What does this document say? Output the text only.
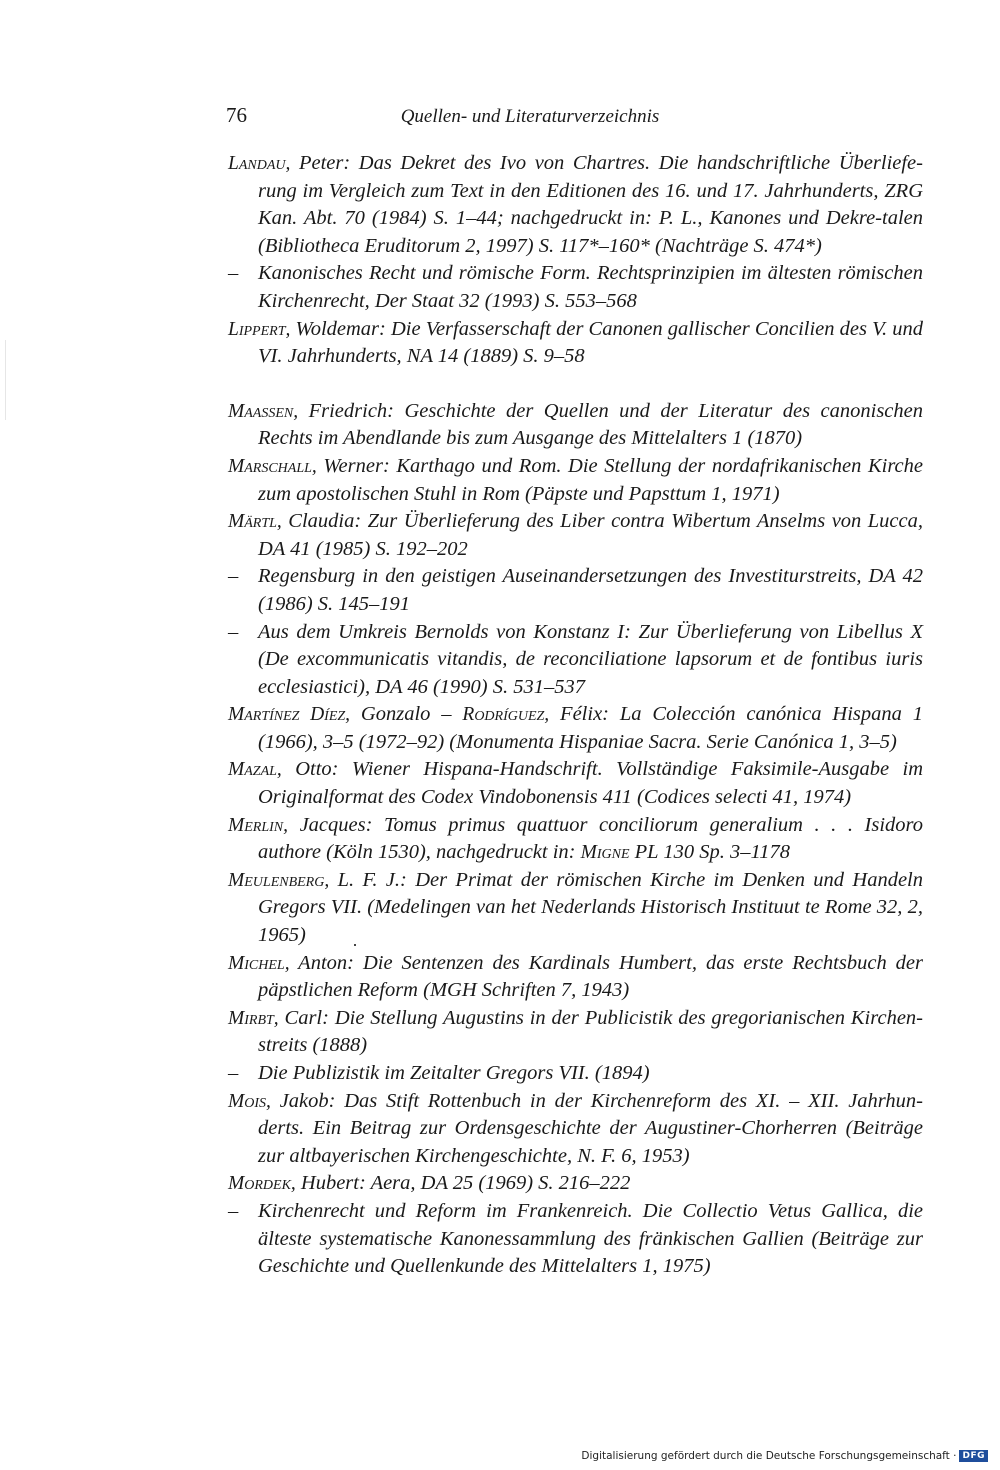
76	Quellen- und Literaturverzeichnis
Landau, Peter: Das Dekret des Ivo von Chartres. Die handschriftliche Überliefe-rung im Vergleich zum Text in den Editionen des 16. und 17. Jahrhunderts, ZRG Kan. Abt. 70 (1984) S. 1–44; nachgedruckt in: P. L., Kanones und Dekre-talen (Bibliotheca Eruditorum 2, 1997) S. 117*–160* (Nachträge S. 474*)
– Kanonisches Recht und römische Form. Rechtsprinzipien im ältesten römischen Kirchenrecht, Der Staat 32 (1993) S. 553–568
Lippert, Woldemar: Die Verfasserschaft der Canonen gallischer Concilien des V. und VI. Jahrhunderts, NA 14 (1889) S. 9–58
Maassen, Friedrich: Geschichte der Quellen und der Literatur des canonischen Rechts im Abendlande bis zum Ausgange des Mittelalters 1 (1870)
Marschall, Werner: Karthago und Rom. Die Stellung der nordafrikanischen Kirche zum apostolischen Stuhl in Rom (Päpste und Papsttum 1, 1971)
Märtl, Claudia: Zur Überlieferung des Liber contra Wibertum Anselms von Lucca, DA 41 (1985) S. 192–202
– Regensburg in den geistigen Auseinandersetzungen des Investiturstreits, DA 42 (1986) S. 145–191
– Aus dem Umkreis Bernolds von Konstanz I: Zur Überlieferung von Libellus X (De excommunicatis vitandis, de reconciliatione lapsorum et de fontibus iuris ecclesiastici), DA 46 (1990) S. 531–537
Martínez Díez, Gonzalo – Rodríguez, Félix: La Colección canónica Hispana 1 (1966), 3–5 (1972–92) (Monumenta Hispaniae Sacra. Serie Canónica 1, 3–5)
Mazal, Otto: Wiener Hispana-Handschrift. Vollständige Faksimile-Ausgabe im Originalformat des Codex Vindobonensis 411 (Codices selecti 41, 1974)
Merlin, Jacques: Tomus primus quattuor conciliorum generalium . . . Isidoro authore (Köln 1530), nachgedruckt in: Migne PL 130 Sp. 3–1178
Meulenberg, L. F. J.: Der Primat der römischen Kirche im Denken und Handeln Gregors VII. (Medelingen van het Nederlands Historisch Instituut te Rome 32, 2, 1965)
Michel, Anton: Die Sentenzen des Kardinals Humbert, das erste Rechtsbuch der päpstlichen Reform (MGH Schriften 7, 1943)
Mirbt, Carl: Die Stellung Augustins in der Publicistik des gregorianischen Kirchen-streits (1888)
– Die Publizistik im Zeitalter Gregors VII. (1894)
Mois, Jakob: Das Stift Rottenbuch in der Kirchenreform des XI. – XII. Jahrhun-derts. Ein Beitrag zur Ordensgeschichte der Augustiner-Chorherren (Beiträge zur altbayerischen Kirchengeschichte, N. F. 6, 1953)
Mordek, Hubert: Aera, DA 25 (1969) S. 216–222
– Kirchenrecht und Reform im Frankenreich. Die Collectio Vetus Gallica, die älteste systematische Kanonessammlung des fränkischen Gallien (Beiträge zur Geschichte und Quellenkunde des Mittelalters 1, 1975)
Digitalisierung gefördert durch die Deutsche Forschungsgemeinschaft · DFG
